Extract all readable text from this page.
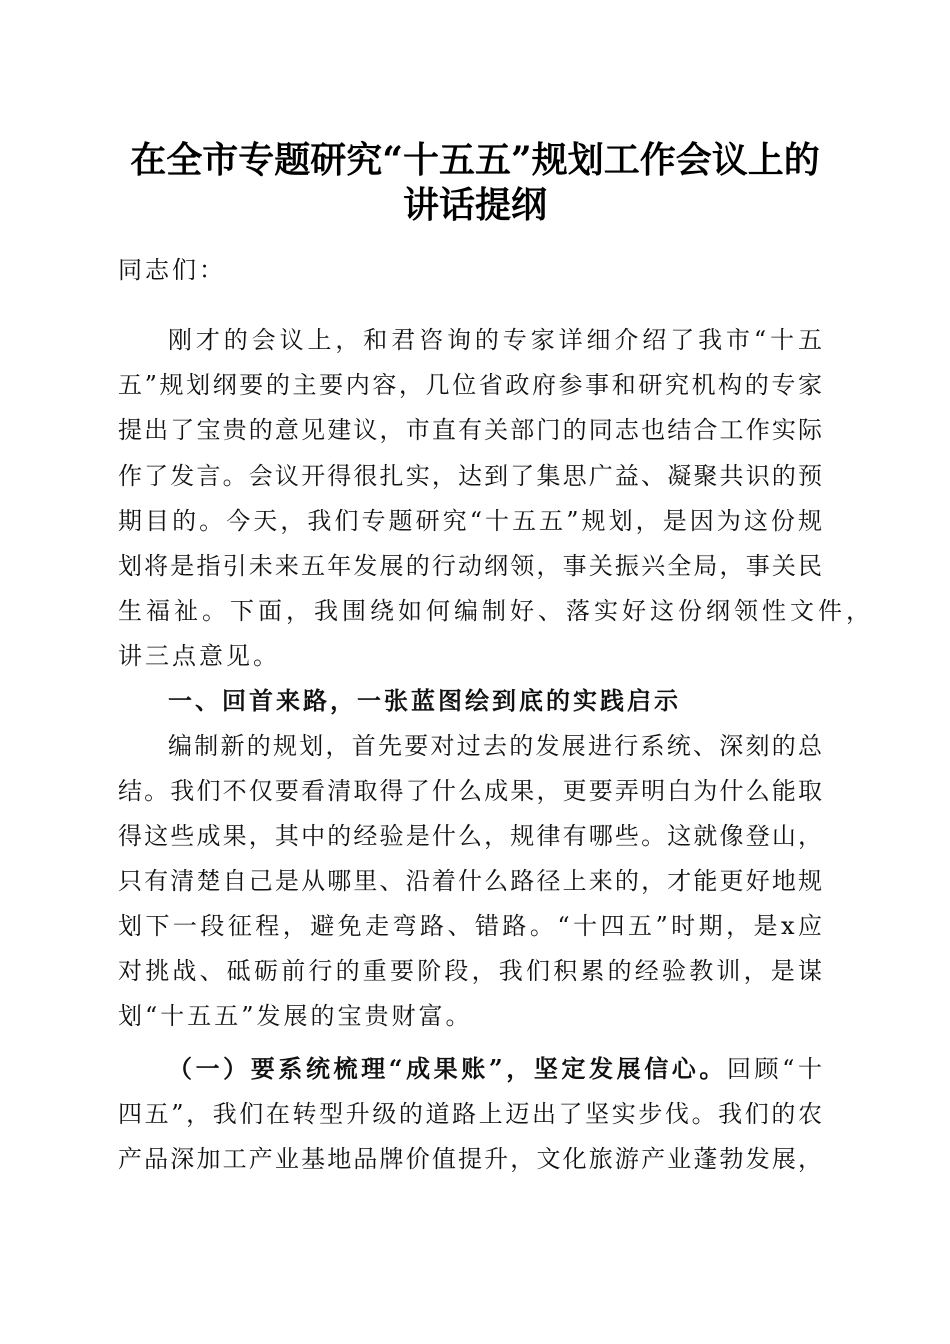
在全市专题研究“十五五”规划工作会议上的
讲话提纲
同志们：
刚才的会议上，和君咨询的专家详细介绍了我市“十五
五”规划纲要的主要内容，几位省政府参事和研究机构的专家
提出了宝贵的意见建议，市直有关部门的同志也结合工作实际
作了发言。会议开得很扎实，达到了集思广益、凝聚共识的预
期目的。今天，我们专题研究“十五五”规划，是因为这份规
划将是指引未来五年发展的行动纲领，事关振兴全局，事关民
生福祉。下面，我围绕如何编制好、落实好这份纲领性文件，
讲三点意见。
一、回首来路，一张蓝图绘到底的实践启示
编制新的规划，首先要对过去的发展进行系统、深刻的总
结。我们不仅要看清取得了什么成果，更要弄明白为什么能取
得这些成果，其中的经验是什么，规律有哪些。这就像登山，
只有清楚自己是从哪里、沿着什么路径上来的，才能更好地规
划下一段征程，避免走弯路、错路。“十四五”时期，是x应
对挑战、砥砺前行的重要阶段，我们积累的经验教训，是谋
划“十五五”发展的宝贵财富。
（一）要系统梳理“成果账”，坚定发展信心。回顾“十
四五”，我们在转型升级的道路上迈出了坚实步伐。我们的农
产品深加工产业基地品牌价值提升，文化旅游产业蓬勃发展，
